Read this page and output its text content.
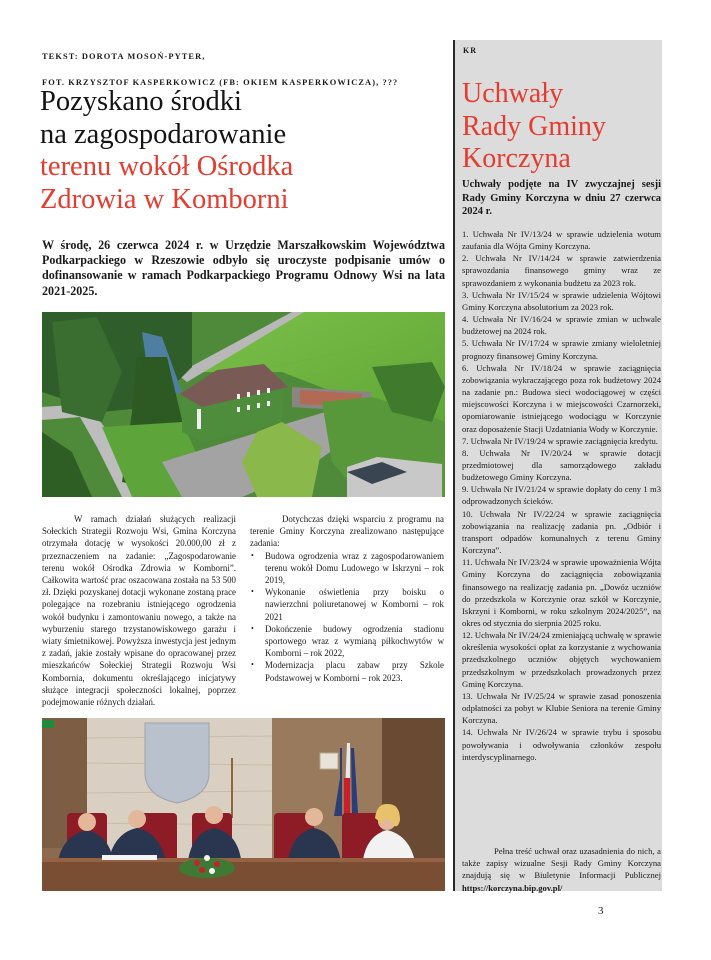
TEKST: DOROTA MOSOŃ-PYTER,
FOT. KRZYSZTOF KASPERKOWICZ (FB: OKIEM KASPERKOWICZA), ???
Pozyskano środki
na zagospodarowanie
terenu wokół Ośrodka
Zdrowia w Komborni
W środę, 26 czerwca 2024 r. w Urzędzie Marszałkowskim Województwa Podkarpackiego w Rzeszowie odbyło się uroczyste podpisanie umów o dofinansowanie w ramach Podkarpackiego Programu Odnowy Wsi na lata 2021-2025.

W ramach działań służących realizacji Sołeckich Strategii Rozwoju Wsi, Gmina Korczyna otrzymała dotację w wysokości 20.000,00 zł z przeznaczeniem na zadanie: „Zagospodarowanie terenu wokół Ośrodka Zdrowia w Komborni”. Całkowita wartość prac oszacowana została na 53 500 zł. Dzięki pozyskanej dotacji wykonane zostaną prace polegające na rozebraniu istniejącego ogrodzenia wokół budynku i zamontowaniu nowego, a także na wyburzeniu starego trzystanowiskowego garażu i wiaty śmietnikowej. Powyższa inwestycja jest jednym z zadań, jakie zostały wpisane do opracowanej przez mieszkańców Sołeckiej Strategii Rozwoju Wsi Kombornia, dokumentu określającego inicjatywy służące integracji społeczności lokalnej, poprzez podejmowanie różnych działań.

Dotychczas dzięki wsparciu z programu na terenie Gminy Korczyna zrealizowano następujące zadania:

• Budowa ogrodzenia wraz z zagospodarowaniem terenu wokół Domu Ludowego w Iskrzyni – rok 2019,
• Wykonanie oświetlenia przy boisku o nawierzchni poliuretanowej w Komborni – rok 2021
• Dokończenie budowy ogrodzenia stadionu sportowego wraz z wymianą piłkochwytów w Komborni – rok 2022,
• Modernizacja placu zabaw przy Szkole Podstawowej w Komborni – rok 2023.
KR
Uchwały
Rady Gminy
Korczyna
Uchwały podjęte na IV zwyczajnej sesji Rady Gminy Korczyna w dniu 27 czerwca 2024 r.
1. Uchwała Nr IV/13/24 w sprawie udzielenia wotum zaufania dla Wójta Gminy Korczyna.
2. Uchwała Nr IV/14/24 w sprawie zatwierdzenia sprawozdania finansowego gminy wraz ze sprawozdaniem z wykonania budżetu za 2023 rok.
3. Uchwała Nr IV/15/24 w sprawie udzielenia Wójtowi Gminy Korczyna absolutorium za 2023 rok.
4. Uchwała Nr IV/16/24 w sprawie zmian w uchwale budżetowej na 2024 rok.
5. Uchwała Nr IV/17/24 w sprawie zmiany wieloletniej prognozy finansowej Gminy Korczyna.
6. Uchwała Nr IV/18/24 w sprawie zaciągnięcia zobowiązania wykraczającego poza rok budżetowy 2024 na zadanie pn.: Budowa sieci wodociągowej w części miejscowości Korczyna i w miejscowości Czarnorzeki, opomiarowanie istniejącego wodociągu w Korczynie oraz doposażenie Stacji Uzdatniania Wody w Korczynie.
7. Uchwała Nr IV/19/24 w sprawie zaciągnięcia kredytu.
8. Uchwała Nr IV/20/24 w sprawie dotacji przedmiotowej dla samorządowego zakładu budżetowego Gminy Korczyna.
9. Uchwała Nr IV/21/24 w sprawie dopłaty do ceny 1 m3 odprowadzonych ścieków.
10. Uchwała Nr IV/22/24 w sprawie zaciągnięcia zobowiązania na realizację zadania pn. „Odbiór i transport odpadów komunalnych z terenu Gminy Korczyna”.
11. Uchwała Nr IV/23/24 w sprawie upoważnienia Wójta Gminy Korczyna do zaciągnięcia zobowiązania finansowego na realizację zadania pn. „Dowóz uczniów do przedszkola w Korczynie oraz szkół w Korczynie, Iskrzyni i Komborni, w roku szkolnym 2024/2025”, na okres od stycznia do sierpnia 2025 roku.
12. Uchwała Nr IV/24/24 zmieniającą uchwałę w sprawie określenia wysokości opłat za korzystanie z wychowania przedszkolnego uczniów objętych wychowaniem przedszkolnym w przedszkolach prowadzonych przez Gminę Korczyna.
13. Uchwała Nr IV/25/24 w sprawie zasad ponoszenia odpłatności za pobyt w Klubie Seniora na terenie Gminy Korczyna.
14. Uchwała Nr IV/26/24 w sprawie trybu i sposobu powoływania i odwoływania członków zespołu interdyscyplinarnego.

Pełna treść uchwał oraz uzasadnienia do nich, a także zapisy wizualne Sesji Rady Gminy Korczyna znajdują się w Biuletynie Informacji Publicznej https://korczyna.bip.gov.pl/

3
